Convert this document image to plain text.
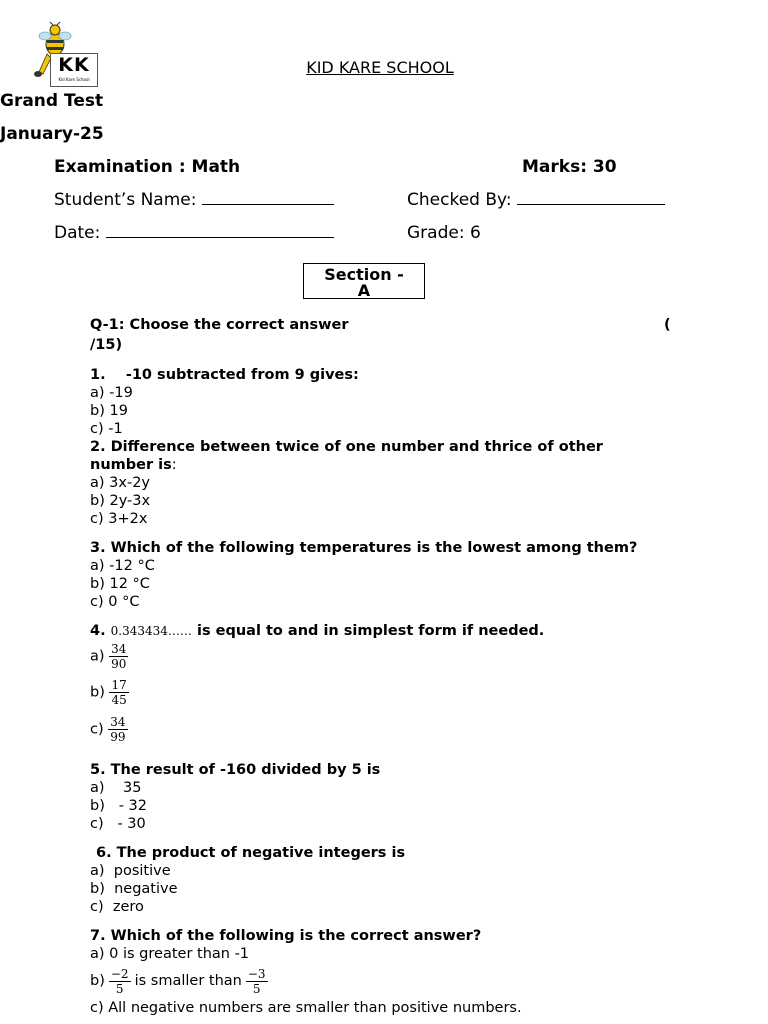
KK
Kid Kare School
KID KARE SCHOOL
Grand Test
January-25
Examination : Math	Marks: 30
Student’s Name:	Checked By:
Date:	Grade: 6
Section -
A
Q-1: Choose the correct answer	(
/15)
1. -10 subtracted from 9 gives:
a) -19
b) 19
c) -1
2. Difference between twice of one number and thrice of other
number is:
a) 3x-2y
b) 2y-3x
c) 3+2x
3. Which of the following temperatures is the lowest among them?
a) -12 °C
b) 12 °C
c) 0 °C
4. 0.343434…… is equal to and in simplest form if needed.
$a) \frac{34}{90}$
$b) \frac{17}{45}$
$c) \frac{34}{99}$
5. The result of -160 divided by 5 is
a)    35
b)   - 32
c)   - 30
6. The product of negative integers is
a)  positive
b)  negative
c)  zero
7. Which of the following is the correct answer?
a) 0 is greater than -1
$b) \frac{-2}{5}$ is smaller than $\frac{-3}{5}$
c) All negative numbers are smaller than positive numbers.
